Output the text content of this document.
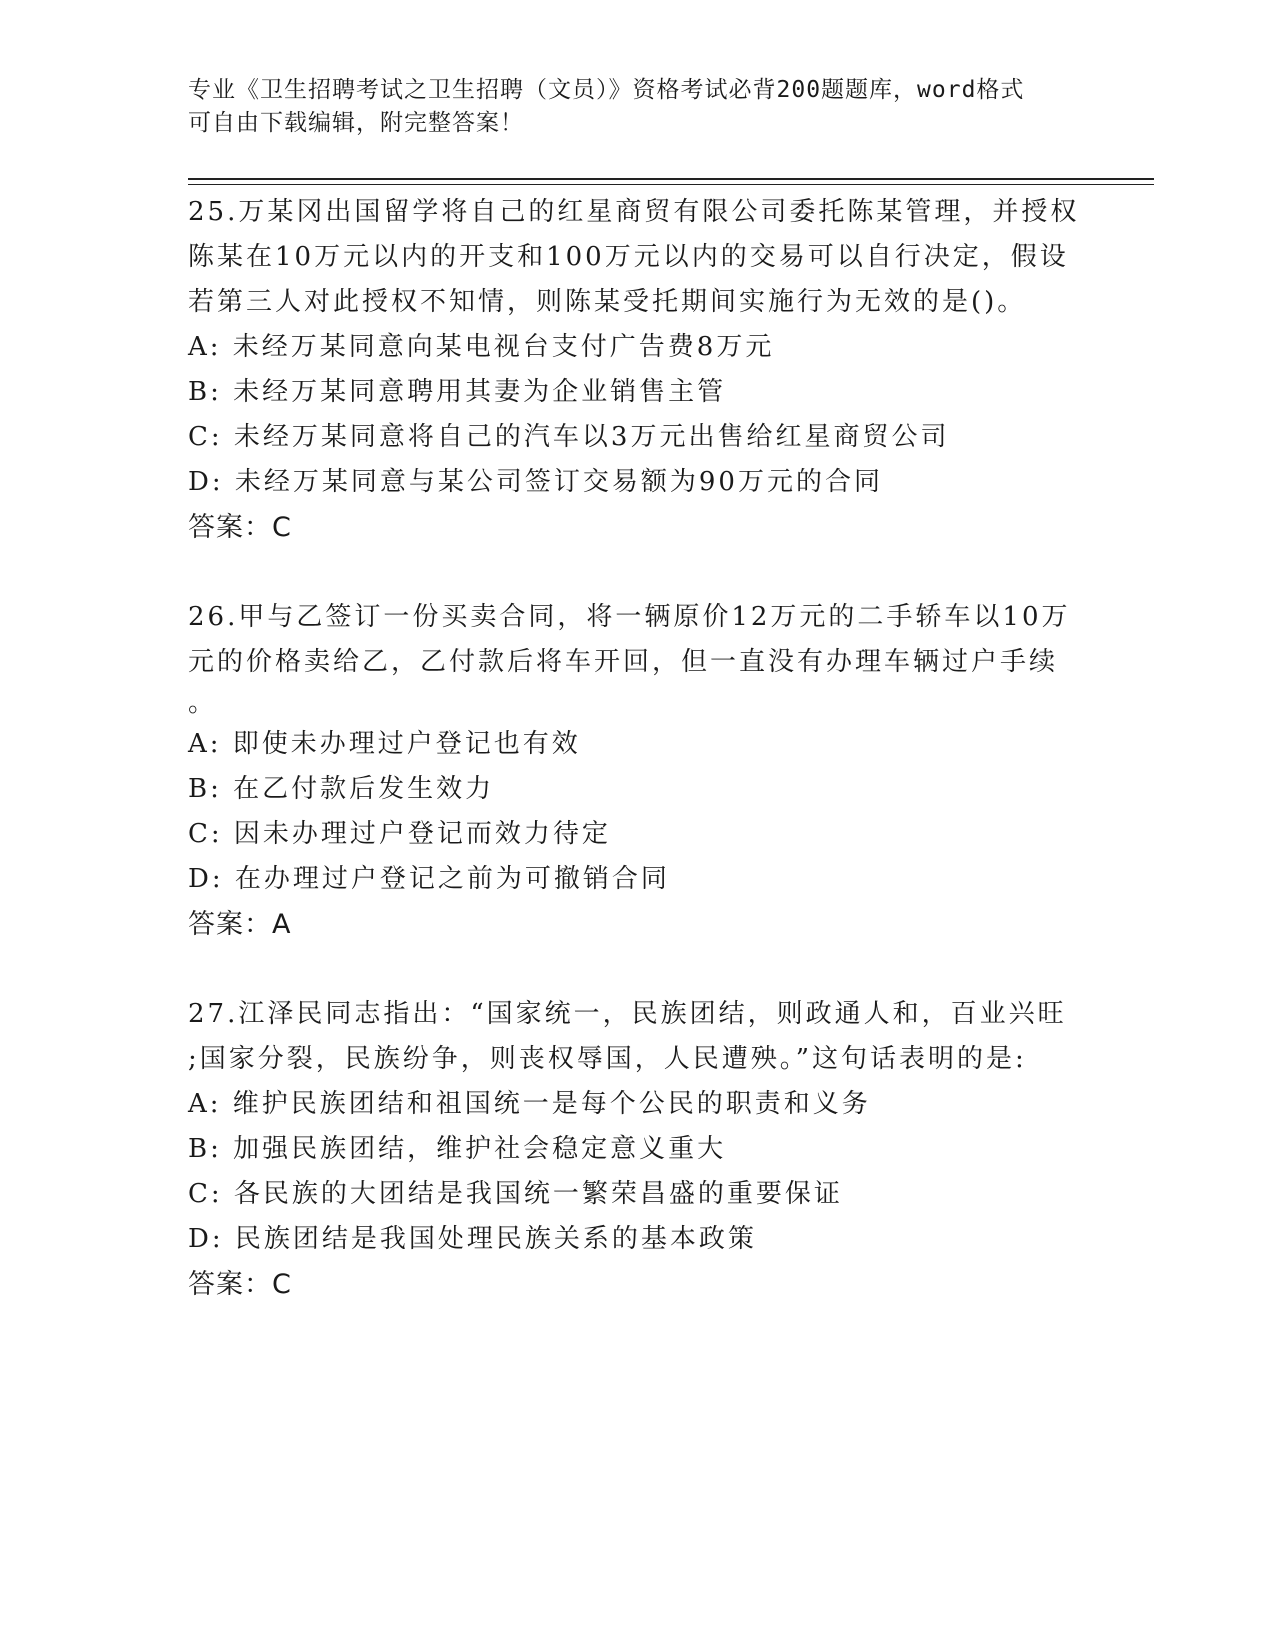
专业《卫生招聘考试之卫生招聘（文员）》资格考试必背200题题库，word格式
可自由下载编辑，附完整答案！

25.万某冈出国留学将自己的红星商贸有限公司委托陈某管理，并授权

陈某在10万元以内的开支和100万元以内的交易可以自行决定，假设

若第三人对此授权不知情，则陈某受托期间实施行为无效的是()。

A: 未经万某同意向某电视台支付广告费8万元

B: 未经万某同意聘用其妻为企业销售主管

C: 未经万某同意将自己的汽车以3万元出售给红星商贸公司

D: 未经万某同意与某公司签订交易额为90万元的合同

答案：C

26.甲与乙签订一份买卖合同，将一辆原价12万元的二手轿车以10万

元的价格卖给乙，乙付款后将车开回，但一直没有办理车辆过户手续

。

A: 即使未办理过户登记也有效

B: 在乙付款后发生效力

C: 因未办理过户登记而效力待定

D: 在办理过户登记之前为可撤销合同

答案：A

27.江泽民同志指出：“国家统一，民族团结，则政通人和，百业兴旺

;国家分裂，民族纷争，则丧权辱国，人民遭殃。”这句话表明的是:

A: 维护民族团结和祖国统一是每个公民的职责和义务

B: 加强民族团结，维护社会稳定意义重大

C: 各民族的大团结是我国统一繁荣昌盛的重要保证

D: 民族团结是我国处理民族关系的基本政策

答案：C
